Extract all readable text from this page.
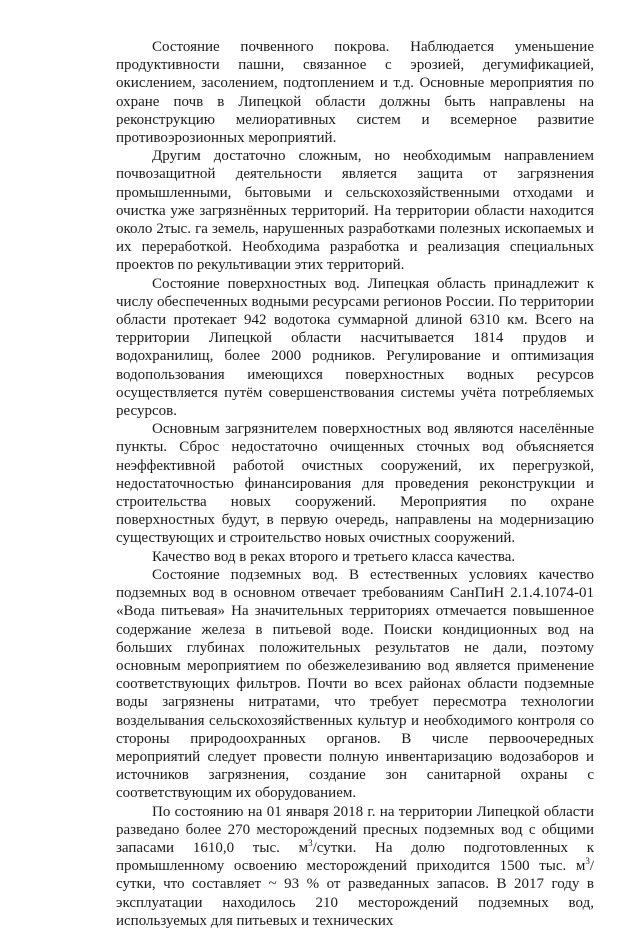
Состояние почвенного покрова. Наблюдается уменьшение продуктивности пашни, связанное с эрозией, дегумификацией, окислением, засолением, подтоплением и т.д. Основные мероприятия по охране почв в Липецкой области должны быть направлены на реконструкцию мелиоративных систем и всемерное развитие противоэрозионных мероприятий.

Другим достаточно сложным, но необходимым направлением почвозащитной деятельности является защита от загрязнения промышленными, бытовыми и сельскохозяйственными отходами и очистка уже загрязнённых территорий. На территории области находится около 2тыс. га земель, нарушенных разработками полезных ископаемых и их переработкой. Необходима разработка и реализация специальных проектов по рекультивации этих территорий.

Состояние поверхностных вод. Липецкая область принадлежит к числу обеспеченных водными ресурсами регионов России. По территории области протекает 942 водотока суммарной длиной 6310 км. Всего на территории Липецкой области насчитывается 1814 прудов и водохранилищ, более 2000 родников. Регулирование и оптимизация водопользования имеющихся поверхностных водных ресурсов осуществляется путём совершенствования системы учёта потребляемых ресурсов.

Основным загрязнителем поверхностных вод являются населённые пункты. Сброс недостаточно очищенных сточных вод объясняется неэффективной работой очистных сооружений, их перегрузкой, недостаточностью финансирования для проведения реконструкции и строительства новых сооружений. Мероприятия по охране поверхностных будут, в первую очередь, направлены на модернизацию существующих и строительство новых очистных сооружений.

Качество вод в реках второго и третьего класса качества.

Состояние подземных вод. В естественных условиях качество подземных вод в основном отвечает требованиям СанПиН 2.1.4.1074-01 «Вода питьевая» На значительных территориях отмечается повышенное содержание железа в питьевой воде. Поиски кондиционных вод на больших глубинах положительных результатов не дали, поэтому основным мероприятием по обезжелезиванию вод является применение соответствующих фильтров. Почти во всех районах области подземные воды загрязнены нитратами, что требует пересмотра технологии возделывания сельскохозяйственных культур и необходимого контроля со стороны природоохранных органов. В числе первоочередных мероприятий следует провести полную инвентаризацию водозаборов и источников загрязнения, создание зон санитарной охраны с соответствующим их оборудованием.

По состоянию на 01 января 2018 г. на территории Липецкой области разведано более 270 месторождений пресных подземных вод с общими запасами 1610,0 тыс. $м^3$/сутки. На долю подготовленных к промышленному освоению месторождений приходится 1500 тыс. $м^3$/сутки, что составляет ~ 93 % от разведанных запасов. В 2017 году в эксплуатации находилось 210 месторождений подземных вод, используемых для питьевых и технических
